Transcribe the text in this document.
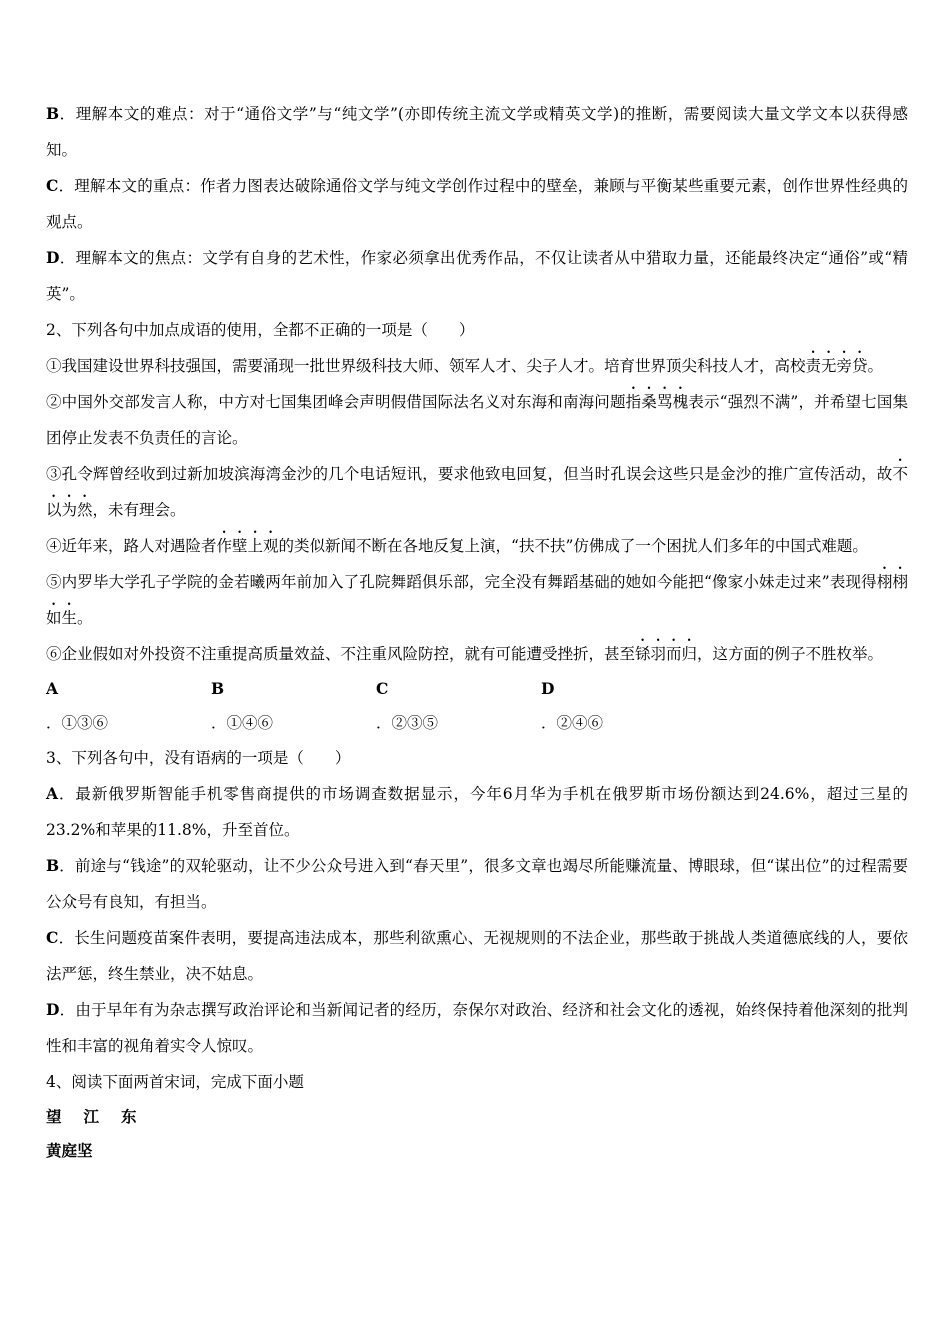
B．理解本文的难点：对于“通俗文学”与“纯文学”(亦即传统主流文学或精英文学)的推断，需要阅读大量文学文本以获得感知。

C．理解本文的重点：作者力图表达破除通俗文学与纯文学创作过程中的壁垒，兼顾与平衡某些重要元素，创作世界性经典的观点。

D．理解本文的焦点：文学有自身的艺术性，作家必须拿出优秀作品，不仅让读者从中猎取力量，还能最终决定“通俗”或“精英”。

2、下列各句中加点成语的使用，全都不正确的一项是（　　）

①我国建设世界科技强国，需要涌现一批世界级科技大师、领军人才、尖子人才。培育世界顶尖科技人才，高校责无旁贷。

②中国外交部发言人称，中方对七国集团峰会声明假借国际法名义对东海和南海问题指桑骂槐表示“强烈不满”，并希望七国集团停止发表不负责任的言论。

③孔令辉曾经收到过新加坡滨海湾金沙的几个电话短讯，要求他致电回复，但当时孔误会这些只是金沙的推广宣传活动，故不以为然，未有理会。

④近年来，路人对遇险者作壁上观的类似新闻不断在各地反复上演，“扶不扶”仿佛成了一个困扰人们多年的中国式难题。

⑤内罗毕大学孔子学院的金若曦两年前加入了孔院舞蹈俱乐部，完全没有舞蹈基础的她如今能把“像家小妹走过来”表现得栩栩如生。

⑥企业假如对外投资不注重提高质量效益、不注重风险防控，就有可能遭受挫折，甚至铩羽而归，这方面的例子不胜枚举。

A．①③⑥
B．①④⑥
C．②③⑤
D．②④⑥

3、下列各句中，没有语病的一项是（　　）

A．最新俄罗斯智能手机零售商提供的市场调查数据显示，今年6月华为手机在俄罗斯市场份额达到24.6%，超过三星的23.2%和苹果的11.8%，升至首位。

B．前途与“钱途”的双轮驱动，让不少公众号进入到“春天里”，很多文章也竭尽所能赚流量、博眼球，但“谋出位”的过程需要公众号有良知，有担当。

C．长生问题疫苗案件表明，要提高违法成本，那些利欲熏心、无视规则的不法企业，那些敢于挑战人类道德底线的人，要依法严惩，终生禁业，决不姑息。

D．由于早年有为杂志撰写政治评论和当新闻记者的经历，奈保尔对政治、经济和社会文化的透视，始终保持着他深刻的批判性和丰富的视角着实令人惊叹。

4、阅读下面两首宋词，完成下面小题

望江东

黄庭坚
